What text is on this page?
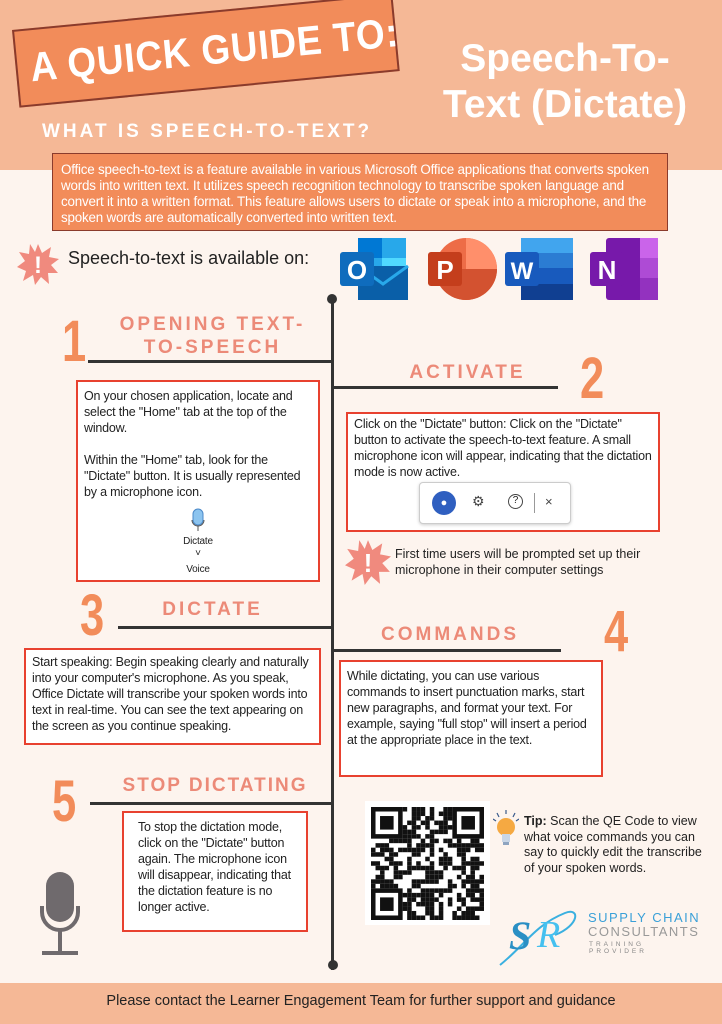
A QUICK GUIDE TO:	Speech-To-
Text (Dictate)
WHAT IS SPEECH-TO-TEXT?
Office speech-to-text is a feature available in various Microsoft Office applications that converts spoken words into written text. It utilizes speech recognition technology to transcribe spoken language and convert it into a written format. This feature allows users to dictate or speak into a microphone, and the spoken words are automatically converted into written text.
! Speech-to-text is available on: O	P W N
1	OPENING TEXT-TO-SPEECH

On your chosen application, locate and select the "Home" tab at the top of the window.

Within the "Home" tab, look for the "Dictate" button. It is usually represented by a microphone icon.

Dictate
˅
Voice
ACTIVATE 2

Click on the "Dictate" button: Click on the "Dictate" button to activate the speech-to-text feature. A small microphone icon will appear, indicating that the dictation mode is now active.

●	⚙	?	×
! First time users will be prompted set up their microphone in their computer settings
3	DICTATE

Start speaking: Begin speaking clearly and naturally into your computer's microphone. As you speak, Office Dictate will transcribe your spoken words into text in real-time. You can see the text appearing on the screen as you continue speaking.

COMMANDS 4

While dictating, you can use various commands to insert punctuation marks, start new paragraphs, and format your text. For example, saying "full stop" will insert a period at the appropriate place in the text.

5	STOP DICTATING

To stop the dictation mode, click on the "Dictate" button again. The microphone icon will disappear, indicating that the dictation feature is no longer active.

Tip: Scan the QE Code to view what voice commands you can say to quickly edit the transcribe of your spoken words.
S R SUPPLY CHAIN
CONSULTANTS
TRAINING PROVIDER
Please contact the Learner Engagement Team for further support and guidance
